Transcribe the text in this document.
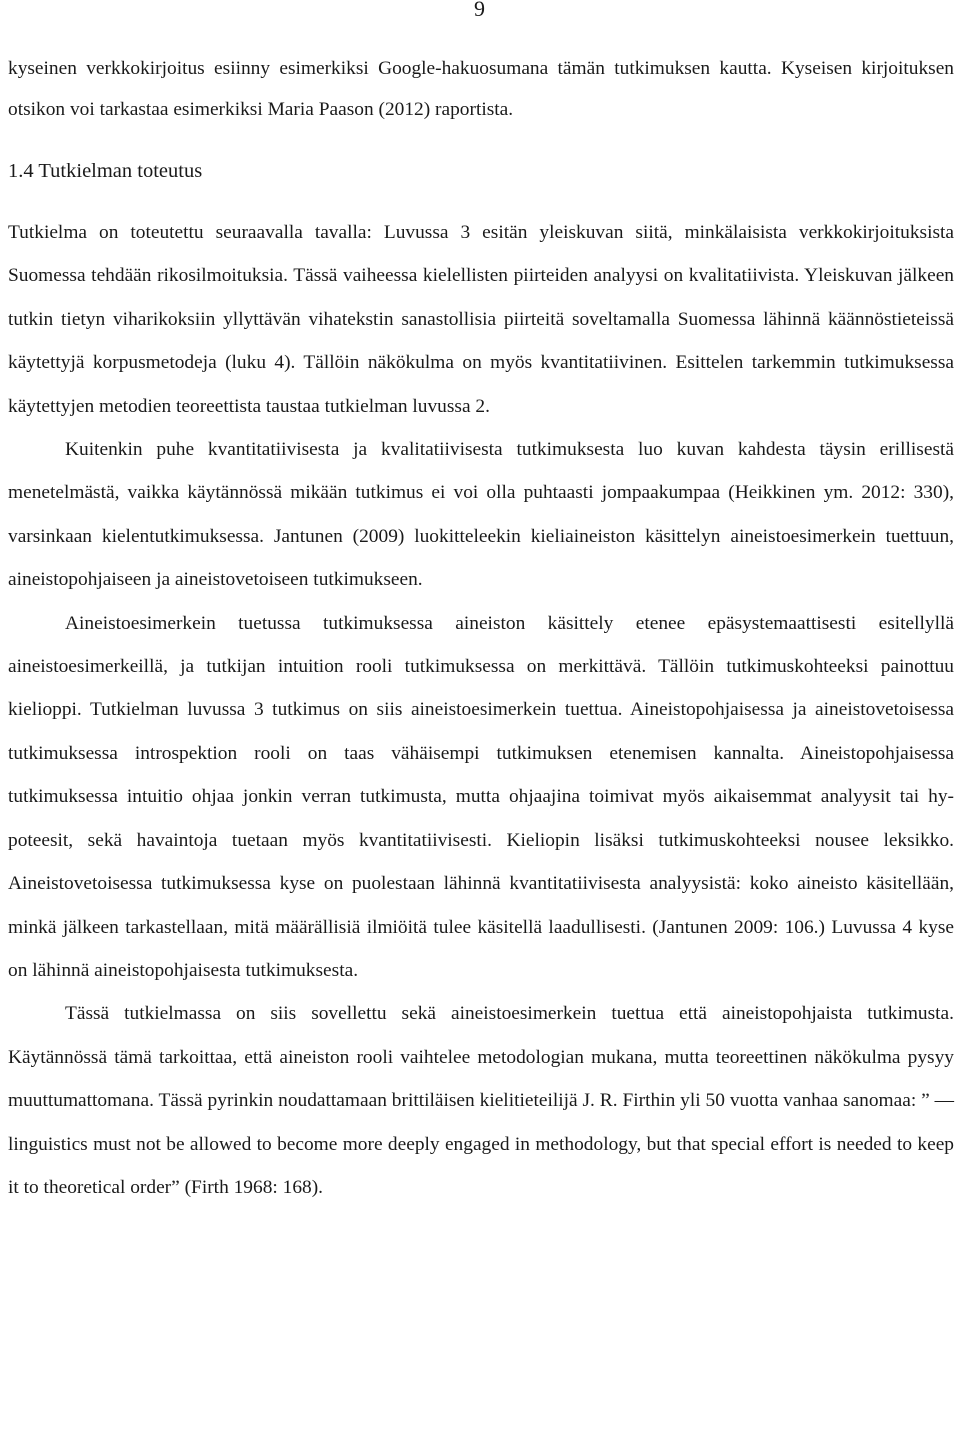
9

kyseinen verkkokirjoitus esiinny esimerkiksi Google-hakuosumana tämän tutkimuksen kautta. Kyseisen kirjoituksen otsikon voi tarkastaa esimerkiksi Maria Paason (2012) raportista.

1.4 Tutkielman toteutus

Tutkielma on toteutettu seuraavalla tavalla: Luvussa 3 esitän yleiskuvan siitä, minkälaisista verkkokirjoituksista Suomessa tehdään rikosilmoituksia. Tässä vaiheessa kielellisten piirteiden analyysi on kvalitatiivista. Yleiskuvan jälkeen tutkin tietyn viharikoksiin yllyttävän vihatekstin sanastollisia piirteitä soveltamalla Suomessa lähinnä käännöstieteissä käytettyjä korpusmetodeja (luku 4). Tällöin näkökulma on myös kvantitatiivinen. Esittelen tarkemmin tutkimuksessa käytettyjen metodien teoreettista taustaa tutkielman luvussa 2.

Kuitenkin puhe kvantitatiivisesta ja kvalitatiivisesta tutkimuksesta luo kuvan kahdesta täysin erillisestä menetelmästä, vaikka käytännössä mikään tutkimus ei voi olla puhtaasti jompaakumpaa (Heikkinen ym. 2012: 330), varsinkaan kielentutkimuksessa. Jantunen (2009) luokitteleekin kieliaineiston käsittelyn aineistoesimerkein tuettuun, aineistopohjaiseen ja aineistovetoiseen tutkimukseen.

Aineistoesimerkein tuetussa tutkimuksessa aineiston käsittely etenee epäsystemaattisesti esitellyllä aineistoesimerkeillä, ja tutkijan intuition rooli tutkimuksessa on merkittävä. Tällöin tutkimuskohteeksi painottuu kielioppi. Tutkielman luvussa 3 tutkimus on siis aineistoesimerkein tuettua. Aineistopohjaisessa ja aineistovetoisessa tutkimuksessa introspektion rooli on taas vähäisempi tutkimuksen etenemisen kannalta. Aineistopohjaisessa tutkimuksessa intuitio ohjaa jonkin verran tutkimusta, mutta ohjaajina toimivat myös aikaisemmat analyysit tai hypoteesit, sekä havaintoja tuetaan myös kvantitatiivisesti. Kieliopin lisäksi tutkimuskohteeksi nousee leksikko. Aineistovetoisessa tutkimuksessa kyse on puolestaan lähinnä kvantitatiivisesta analyysistä: koko aineisto käsitellään, minkä jälkeen tarkastellaan, mitä määrällisiä ilmiöitä tulee käsitellä laadullisesti. (Jantunen 2009: 106.) Luvussa 4 kyse on lähinnä aineistopohjaisesta tutkimuksesta.

Tässä tutkielmassa on siis sovellettu sekä aineistoesimerkein tuettua että aineistopohjaista tutkimusta. Käytännössä tämä tarkoittaa, että aineiston rooli vaihtelee metodologian mukana, mutta teoreettinen näkökulma pysyy muuttumattomana. Tässä pyrinkin noudattamaan brittiläisen kielitieteilijä J. R. Firthin yli 50 vuotta vanhaa sanomaa: ” — linguistics must not be allowed to become more deeply engaged in methodology, but that special effort is needed to keep it to theoretical order” (Firth 1968: 168).
